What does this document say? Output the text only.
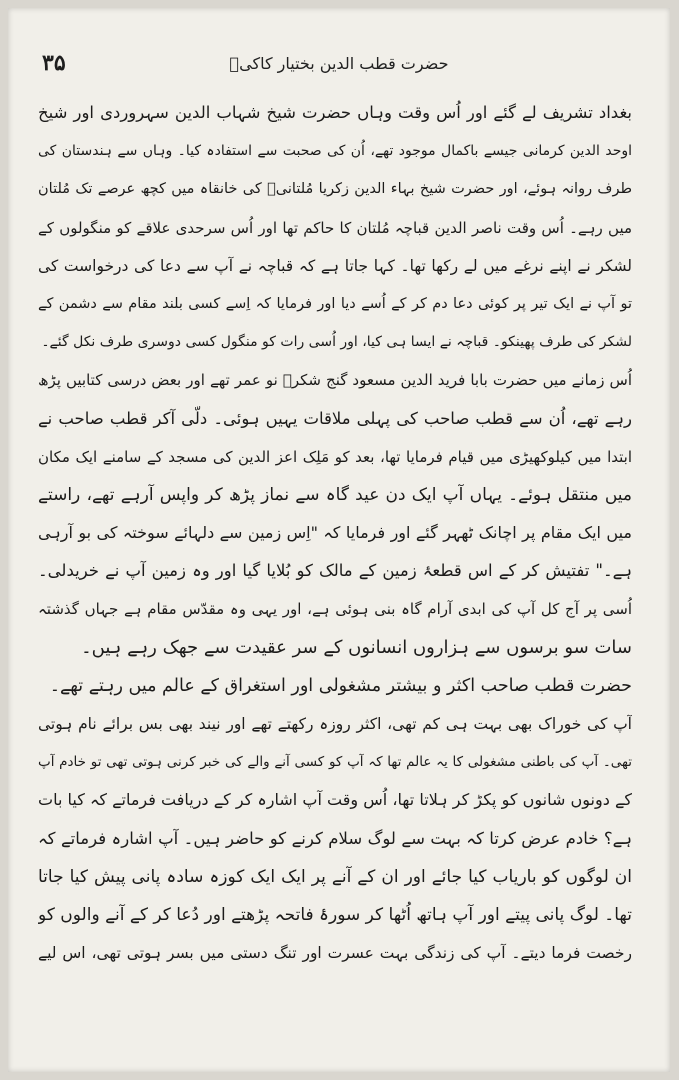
۳۵	حضرت قطب الدین بختیار کاکیؒ
بغداد تشریف لے گئے اور اُس وقت وہاں حضرت شیخ شہاب الدین سہروردی اور شیخ
اوحد الدین کرمانی جیسے باکمال موجود تھے، اُن کی صحبت سے استفادہ کیا۔ وہاں سے ہندستان کی
طرف روانہ ہوئے، اور حضرت شیخ بہاء الدین زکریا مُلتانیؒ کی خانقاہ میں کچھ عرصے تک مُلتان
میں رہے۔ اُس وقت ناصر الدین قباچہ مُلتان کا حاکم تھا اور اُس سرحدی علاقے کو منگولوں کے
لشکر نے اپنے نرغے میں لے رکھا تھا۔ کہا جاتا ہے کہ قباچہ نے آپ سے دعا کی درخواست کی
تو آپ نے ایک تیر پر کوئی دعا دم کر کے اُسے دیا اور فرمایا کہ اِسے کسی بلند مقام سے دشمن کے
لشکر کی طرف پھینکو۔ قباچہ نے ایسا ہی کیا، اور اُسی رات کو منگول کسی دوسری طرف نکل گئے۔
اُس زمانے میں حضرت بابا فرید الدین مسعود گنج شکرؒ نو عمر تھے اور بعض درسی کتابیں پڑھ
رہے تھے، اُن سے قطب صاحب کی پہلی ملاقات یہیں ہوئی۔ دلّی آکر قطب صاحب نے
ابتدا میں کیلوکھیڑی میں قیام فرمایا تھا، بعد کو مَلِک اعز الدین کی مسجد کے سامنے ایک مکان
میں منتقل ہوئے۔ یہاں آپ ایک دن عید گاہ سے نماز پڑھ کر واپس آرہے تھے، راستے
میں ایک مقام پر اچانک ٹھہر گئے اور فرمایا کہ "اِس زمین سے دلہائے سوختہ کی بو آرہی
ہے۔" تفتیش کر کے اس قطعۂ زمین کے مالک کو بُلایا گیا اور وہ زمین آپ نے خریدلی۔
اُسی پر آج کل آپ کی ابدی آرام گاہ بنی ہوئی ہے، اور یہی وہ مقدّس مقام ہے جہاں گذشتہ
سات سو برسوں سے ہزاروں انسانوں کے سر عقیدت سے جھک رہے ہیں۔
حضرت قطب صاحب اکثر و بیشتر مشغولی اور استغراق کے عالم میں رہتے تھے۔
آپ کی خوراک بھی بہت ہی کم تھی، اکثر روزہ رکھتے تھے اور نیند بھی بس برائے نام ہوتی
تھی۔ آپ کی باطنی مشغولی کا یہ عالم تھا کہ آپ کو کسی آنے والے کی خبر کرنی ہوتی تھی تو خادم آپ
کے دونوں شانوں کو پکڑ کر ہلاتا تھا، اُس وقت آپ اشارہ کر کے دریافت فرماتے کہ کیا بات
ہے؟ خادم عرض کرتا کہ بہت سے لوگ سلام کرنے کو حاضر ہیں۔ آپ اشارہ فرماتے کہ
ان لوگوں کو باریاب کیا جائے اور ان کے آنے پر ایک ایک کوزہ سادہ پانی پیش کیا جاتا
تھا۔ لوگ پانی پیتے اور آپ ہاتھ اُٹھا کر سورۂ فاتحہ پڑھتے اور دُعا کر کے آنے والوں کو
رخصت فرما دیتے۔ آپ کی زندگی بہت عسرت اور تنگ دستی میں بسر ہوتی تھی، اس لیے
